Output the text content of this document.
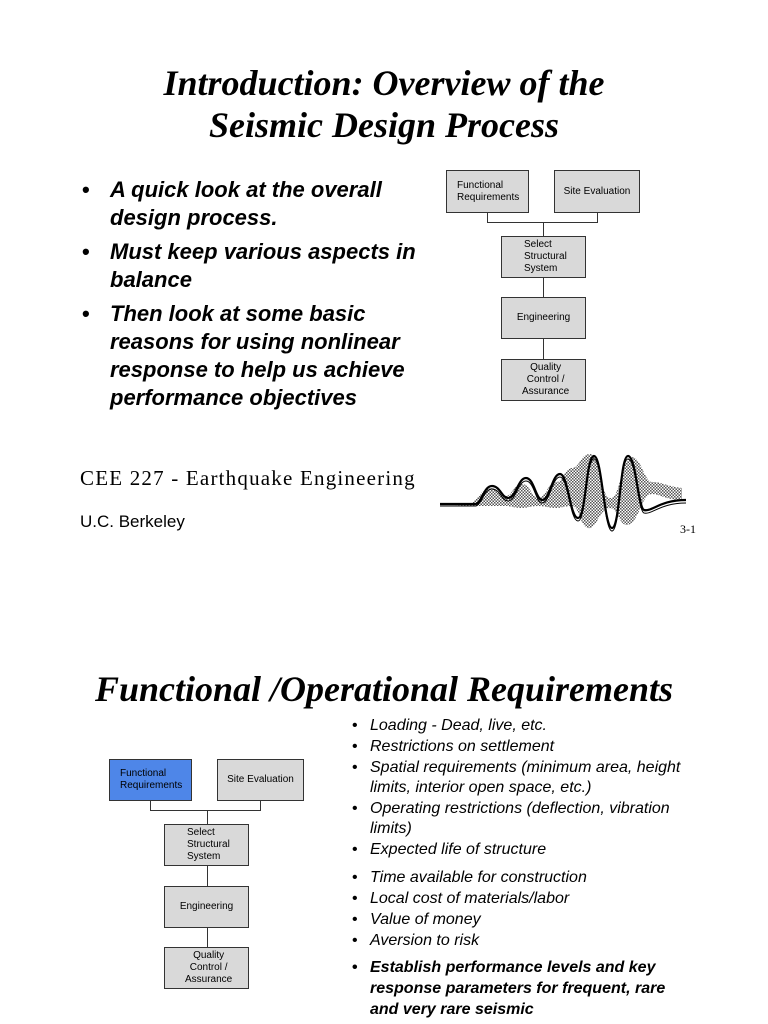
Introduction: Overview of the
Seismic Design Process
• A quick look at the overall design process.
• Must keep various aspects in balance
• Then look at some basic reasons for using nonlinear response to help us achieve performance objectives
Functional
Requirements
Site Evaluation
Select
Structural
System
Engineering
Quality
Control /
Assurance
CEE 227 - Earthquake Engineering
U.C. Berkeley	3-1
Functional /Operational Requirements
Functional
Requirements
Site Evaluation
Select
Structural
System
Engineering
Quality
Control /
Assurance
• Loading - Dead, live, etc.
• Restrictions on settlement
• Spatial requirements (minimum area, height limits, interior open space, etc.)
• Operating restrictions (deflection, vibration limits)
• Expected life of structure
• Time available for construction
• Local cost of materials/labor
• Value of money
• Aversion to risk
• Establish performance levels and key response parameters for frequent, rare and very rare seismic
